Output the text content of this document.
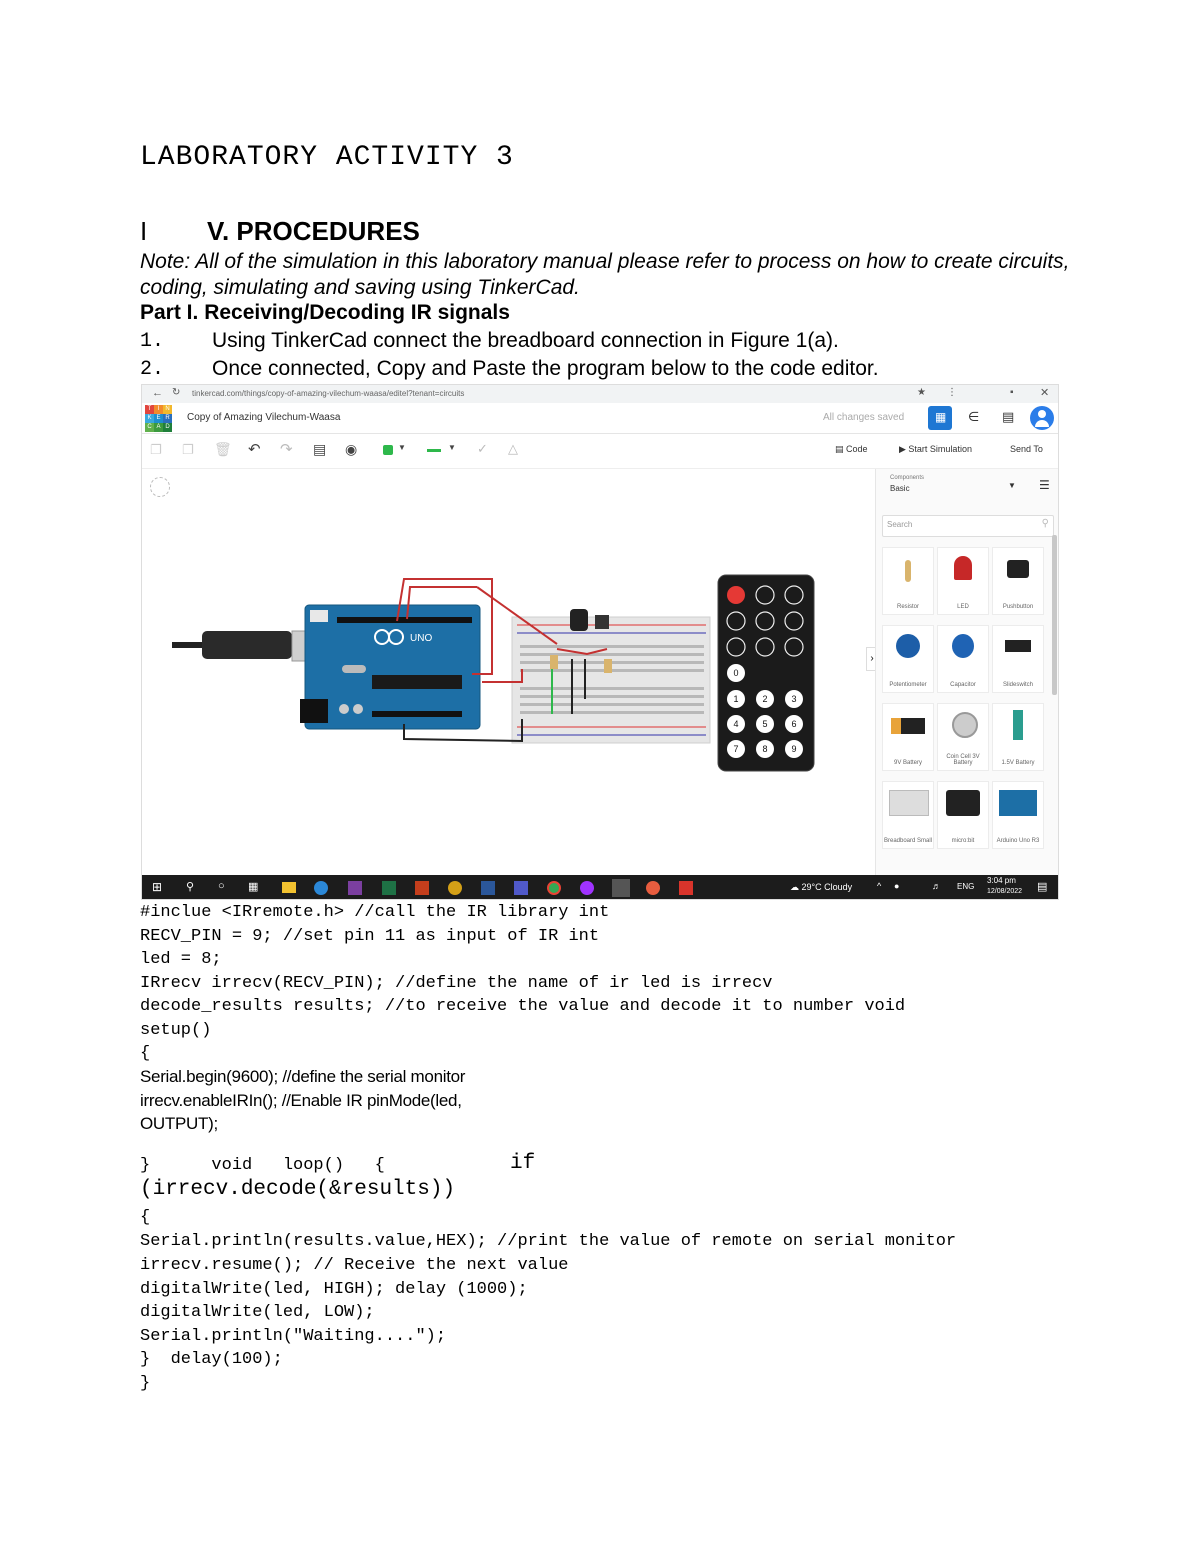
LABORATORY ACTIVITY 3
I V. PROCEDURES
Note: All of the simulation in this laboratory manual please refer to process on how to create circuits, coding, simulating and saving using TinkerCad.
Part I. Receiving/Decoding IR signals
1. Using TinkerCad connect the breadboard connection in Figure 1(a).
2. Once connected, Copy and Paste the program below to the code editor.
← ↻ tinkercad.com/things/copy-of-amazing-vilechum-waasa/editel?tenant=circuits	★ ⋮	▪ ✕
T	I	N
K E R
C A D
Copy of Amazing Vilechum-Waasa	All changes saved	▦ ∈ ▤
❐ ❐ 🗑 ↶ ↷ ▤ ◉	▼	▼ ✓ △	▤ Code	▶ Start Simulation	Send To
UNO
0
1	2	3
4	5	6
7	8	9
›
Components
Basic	▼ ☰
Search	⚲
Resistor	LED	Pushbutton
Potentiometer	Capacitor	Slideswitch
9V Battery
Coin Cell 3V Battery	1.5V Battery
Breadboard Small	micro:bit	Arduino Uno R3
⊞ ⚲ ○ ▦	☁ 29°C Cloudy	^ ●	♬ ENG
3:04 pm
12/08/2022 ▤
#inclue <IRremote.h> //call the IR library int
RECV_PIN = 9; //set pin 11 as input of IR int
led = 8;
IRrecv irrecv(RECV_PIN); //define the name of ir led is irrecv
decode_results results; //to receive the value and decode it to number void
setup()
{
Serial.begin(9600); //define the serial monitor
irrecv.enableIRIn(); //Enable IR pinMode(led,
OUTPUT);
}      void   loop()   {	if
(irrecv.decode(&results))
{
Serial.println(results.value,HEX); //print the value of remote on serial monitor
irrecv.resume(); // Receive the next value
digitalWrite(led, HIGH); delay (1000);
digitalWrite(led, LOW);
Serial.println("Waiting....");
}  delay(100);
}
